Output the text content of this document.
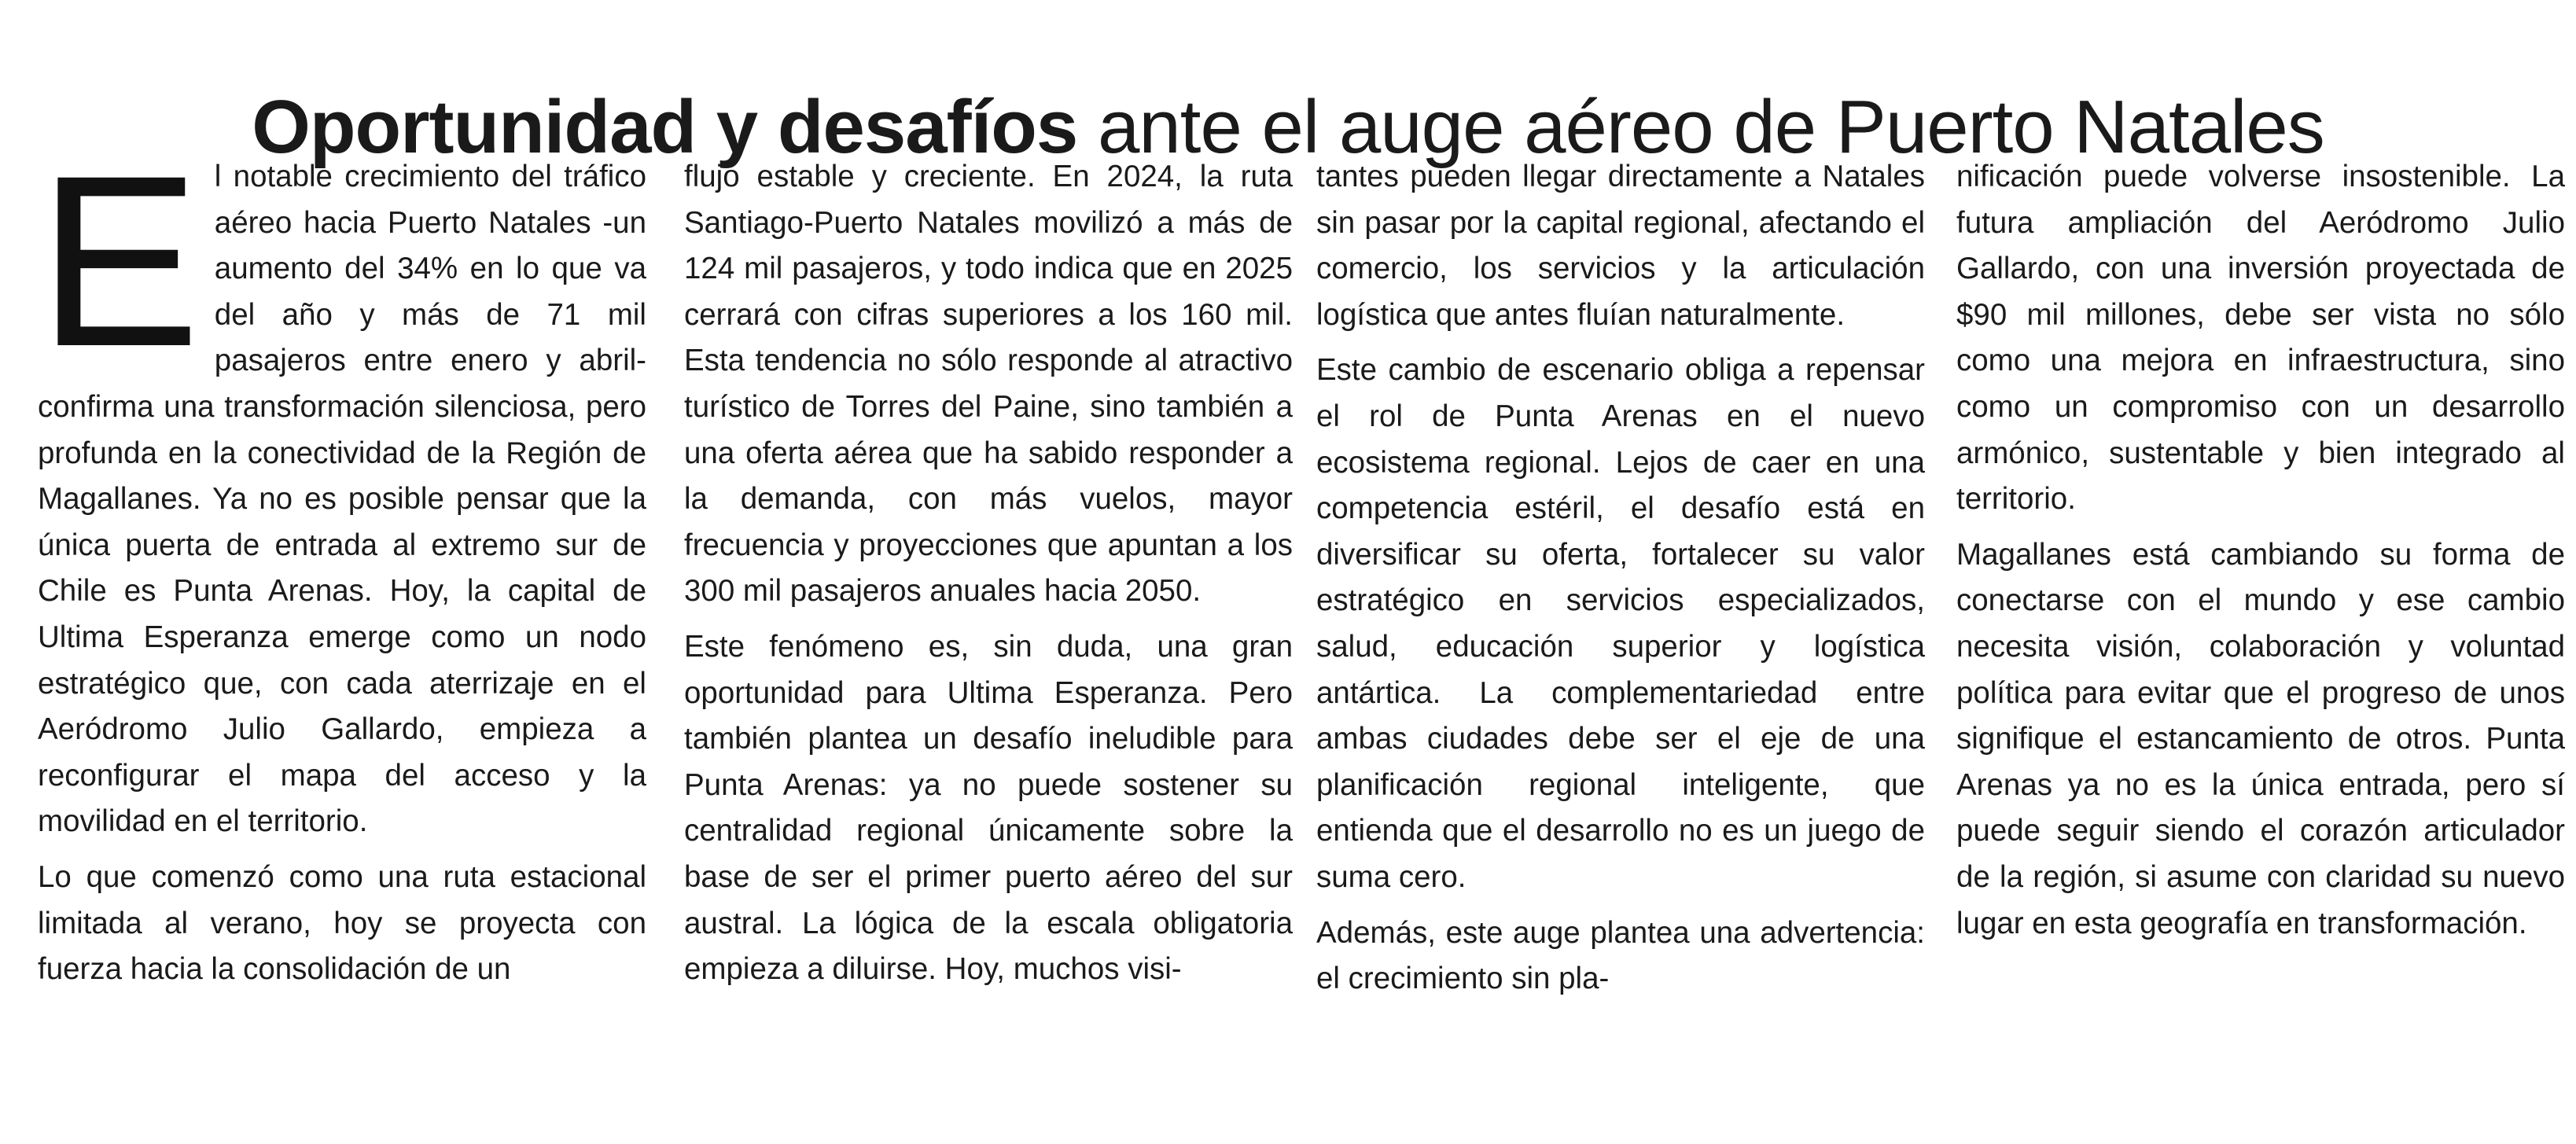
Oportunidad y desafíos ante el auge aéreo de Puerto Natales
E l notable crecimiento del tráfico aéreo hacia Puerto Natales -un aumento del 34% en lo que va del año y más de 71 mil pasajeros entre enero y abril- confirma una transformación silenciosa, pero profunda en la conectividad de la Región de Magallanes. Ya no es posible pensar que la única puerta de entrada al extremo sur de Chile es Punta Arenas. Hoy, la capital de Ultima Esperanza emerge como un nodo estratégico que, con cada aterrizaje en el Aeródromo Julio Gallardo, empieza a reconfigurar el mapa del acceso y la movilidad en el territorio.

Lo que comenzó como una ruta estacional limitada al verano, hoy se proyecta con fuerza hacia la consolidación de un

flujo estable y creciente. En 2024, la ruta Santiago-Puerto Natales movilizó a más de 124 mil pasajeros, y todo indica que en 2025 cerrará con cifras superiores a los 160 mil. Esta tendencia no sólo responde al atractivo turístico de Torres del Paine, sino también a una oferta aérea que ha sabido responder a la demanda, con más vuelos, mayor frecuencia y proyecciones que apuntan a los 300 mil pasajeros anuales hacia 2050.

Este fenómeno es, sin duda, una gran oportunidad para Ultima Esperanza. Pero también plantea un desafío ineludible para Punta Arenas: ya no puede sostener su centralidad regional únicamente sobre la base de ser el primer puerto aéreo del sur austral. La lógica de la escala obligatoria empieza a diluirse. Hoy, muchos visi-

tantes pueden llegar directamente a Natales sin pasar por la capital regional, afectando el comercio, los servicios y la articulación logística que antes fluían naturalmente.

Este cambio de escenario obliga a repensar el rol de Punta Arenas en el nuevo ecosistema regional. Lejos de caer en una competencia estéril, el desafío está en diversificar su oferta, fortalecer su valor estratégico en servicios especializados, salud, educación superior y logística antártica. La complementariedad entre ambas ciudades debe ser el eje de una planificación regional inteligente, que entienda que el desarrollo no es un juego de suma cero.

Además, este auge plantea una advertencia: el crecimiento sin pla-

nificación puede volverse insostenible. La futura ampliación del Aeródromo Julio Gallardo, con una inversión proyectada de $90 mil millones, debe ser vista no sólo como una mejora en infraestructura, sino como un compromiso con un desarrollo armónico, sustentable y bien integrado al territorio.

Magallanes está cambiando su forma de conectarse con el mundo y ese cambio necesita visión, colaboración y voluntad política para evitar que el progreso de unos signifique el estancamiento de otros. Punta Arenas ya no es la única entrada, pero sí puede seguir siendo el corazón articulador de la región, si asume con claridad su nuevo lugar en esta geografía en transformación.
